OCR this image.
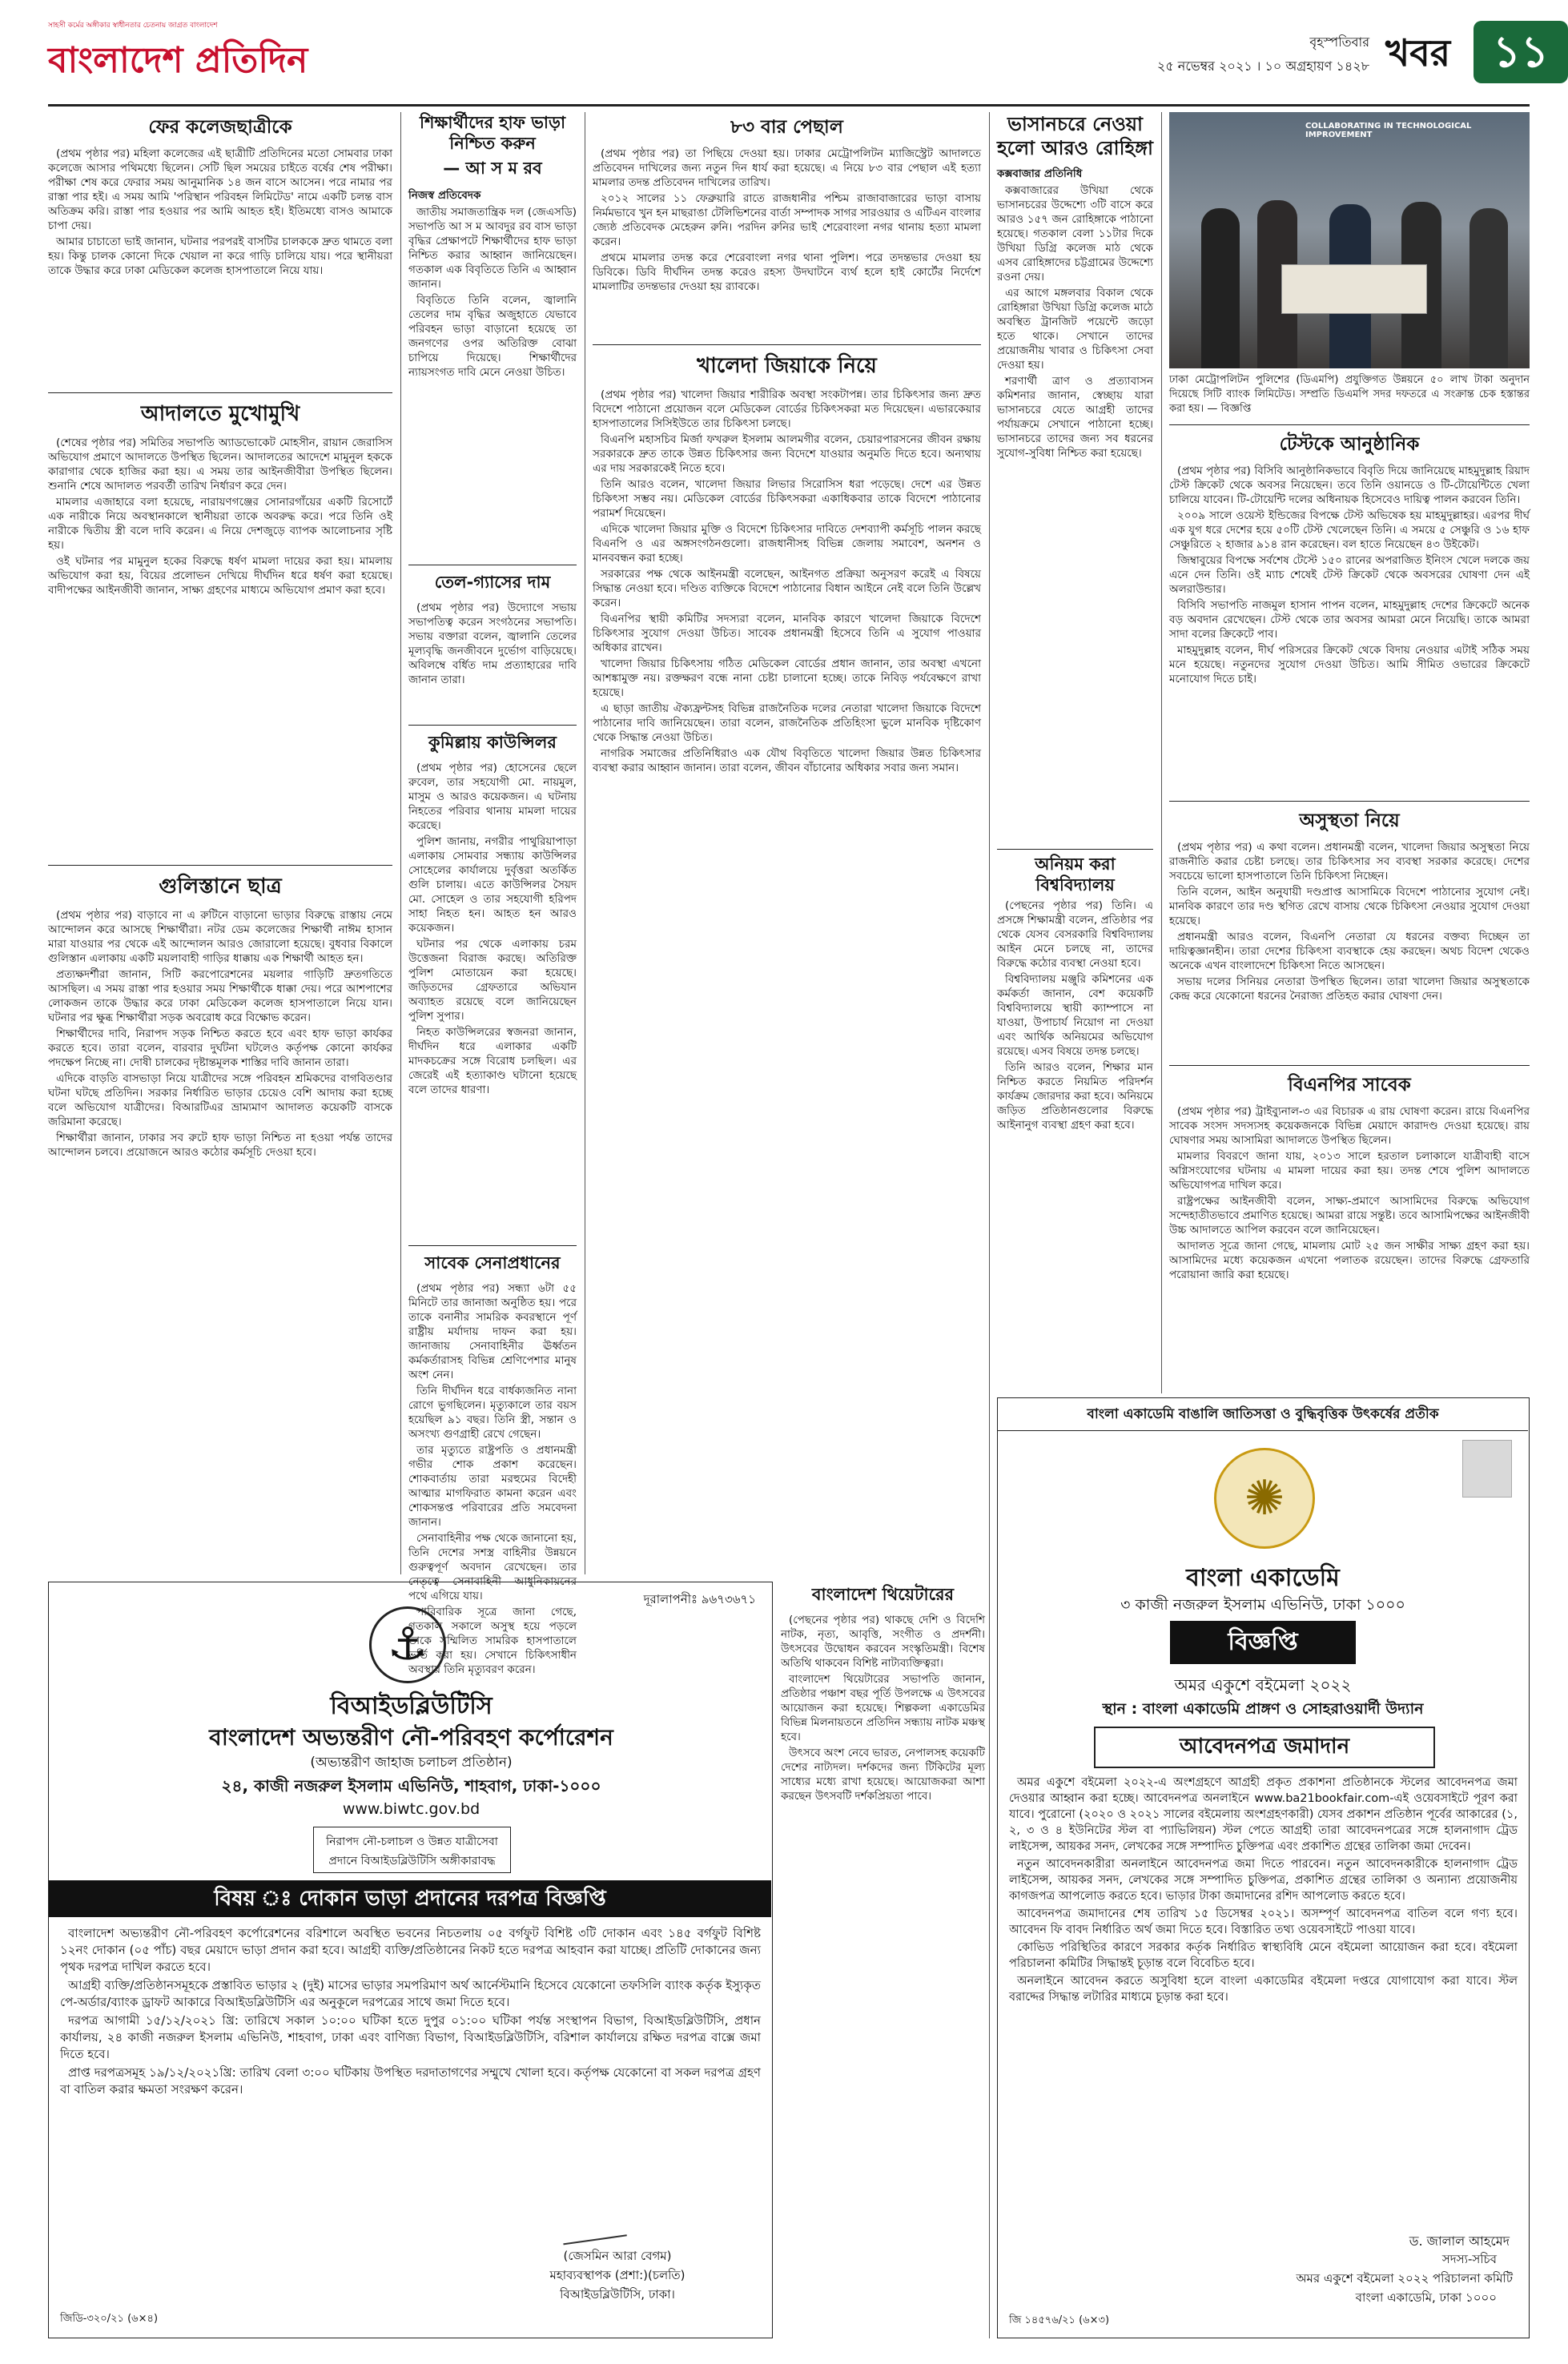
সাহসী কর্মের অঙ্গীকার স্বাধীনতার চেতনায় জাগ্রত বাংলাদেশ
বাংলাদেশ প্রতিদিন	বৃহস্পতিবার
২৫ নভেম্বর ২০২১ । ১০ অগ্রহায়ণ ১৪২৮ খবর ১১
ফের কলেজছাত্রীকে

(প্রথম পৃষ্ঠার পর) মহিলা কলেজের এই ছাত্রীটি প্রতিদিনের মতো সোমবার ঢাকা কলেজে আসার পথিমধ্যে ছিলেন। সেটি ছিল সময়ের চাইতে বর্ষের শেষ পরীক্ষা। পরীক্ষা শেষ করে ফেরার সময় আনুমানিক ১৪ জন বাসে আসেন। পরে নামার পর রাস্তা পার হই। এ সময় আমি 'পরিস্থান পরিবহন লিমিটেড' নামে একটি চলন্ত বাস অতিক্রম করি। রাস্তা পার হওয়ার পর আমি আহত হই। ইতিমধ্যে বাসও আমাকে চাপা দেয়।

আমার চাচাতো ভাই জানান, ঘটনার পরপরই বাসটির চালককে দ্রুত থামতে বলা হয়। কিন্তু চালক কোনো দিকে খেয়াল না করে গাড়ি চালিয়ে যায়। পরে স্থানীয়রা তাকে উদ্ধার করে ঢাকা মেডিকেল কলেজ হাসপাতালে নিয়ে যায়।

আদালতে মুখোমুখি

(শেষের পৃষ্ঠার পর) সমিতির সভাপতি অ্যাডভোকেট মোহসীন, রায়ান জেরাসিস অভিযোগ প্রমাণে আদালতে উপস্থিত ছিলেন। আদালতের আদেশে মামুনুল হককে কারাগার থেকে হাজির করা হয়। এ সময় তার আইনজীবীরা উপস্থিত ছিলেন। শুনানি শেষে আদালত পরবর্তী তারিখ নির্ধারণ করে দেন।

মামলার এজাহারে বলা হয়েছে, নারায়ণগঞ্জের সোনারগাঁয়ের একটি রিসোর্টে এক নারীকে নিয়ে অবস্থানকালে স্থানীয়রা তাকে অবরুদ্ধ করে। পরে তিনি ওই নারীকে দ্বিতীয় স্ত্রী বলে দাবি করেন। এ নিয়ে দেশজুড়ে ব্যাপক আলোচনার সৃষ্টি হয়।

ওই ঘটনার পর মামুনুল হকের বিরুদ্ধে ধর্ষণ মামলা দায়ের করা হয়। মামলায় অভিযোগ করা হয়, বিয়ের প্রলোভন দেখিয়ে দীর্ঘদিন ধরে ধর্ষণ করা হয়েছে। বাদীপক্ষের আইনজীবী জানান, সাক্ষ্য গ্রহণের মাধ্যমে অভিযোগ প্রমাণ করা হবে।

গুলিস্তানে ছাত্র

(প্রথম পৃষ্ঠার পর) বাড়াবে না এ রুটিনে বাড়ানো ভাড়ার বিরুদ্ধে রাস্তায় নেমে আন্দোলন করে আসছে শিক্ষার্থীরা। নটর ডেম কলেজের শিক্ষার্থী নাঈম হাসান মারা যাওয়ার পর থেকে এই আন্দোলন আরও জোরালো হয়েছে। বুধবার বিকালে গুলিস্তান এলাকায় একটি ময়লাবাহী গাড়ির ধাক্কায় এক শিক্ষার্থী আহত হন।

প্রত্যক্ষদর্শীরা জানান, সিটি করপোরেশনের ময়লার গাড়িটি দ্রুতগতিতে আসছিল। এ সময় রাস্তা পার হওয়ার সময় শিক্ষার্থীকে ধাক্কা দেয়। পরে আশপাশের লোকজন তাকে উদ্ধার করে ঢাকা মেডিকেল কলেজ হাসপাতালে নিয়ে যান। ঘটনার পর ক্ষুব্ধ শিক্ষার্থীরা সড়ক অবরোধ করে বিক্ষোভ করেন।

শিক্ষার্থীদের দাবি, নিরাপদ সড়ক নিশ্চিত করতে হবে এবং হাফ ভাড়া কার্যকর করতে হবে। তারা বলেন, বারবার দুর্ঘটনা ঘটলেও কর্তৃপক্ষ কোনো কার্যকর পদক্ষেপ নিচ্ছে না। দোষী চালকের দৃষ্টান্তমূলক শাস্তির দাবি জানান তারা।

এদিকে বাড়তি বাসভাড়া নিয়ে যাত্রীদের সঙ্গে পরিবহন শ্রমিকদের বাগবিতণ্ডার ঘটনা ঘটছে প্রতিদিন। সরকার নির্ধারিত ভাড়ার চেয়েও বেশি আদায় করা হচ্ছে বলে অভিযোগ যাত্রীদের। বিআরটিএর ভ্রাম্যমাণ আদালত কয়েকটি বাসকে জরিমানা করেছে।

শিক্ষার্থীরা জানান, ঢাকার সব রুটে হাফ ভাড়া নিশ্চিত না হওয়া পর্যন্ত তাদের আন্দোলন চলবে। প্রয়োজনে আরও কঠোর কর্মসূচি দেওয়া হবে।

শিক্ষার্থীদের হাফ ভাড়া নিশ্চিত করুন
— আ স ম রব
নিজস্ব প্রতিবেদক

জাতীয় সমাজতান্ত্রিক দল (জেএসডি) সভাপতি আ স ম আবদুর রব বাস ভাড়া বৃদ্ধির প্রেক্ষাপটে শিক্ষার্থীদের হাফ ভাড়া নিশ্চিত করার আহ্বান জানিয়েছেন। গতকাল এক বিবৃতিতে তিনি এ আহ্বান জানান।

বিবৃতিতে তিনি বলেন, জ্বালানি তেলের দাম বৃদ্ধির অজুহাতে যেভাবে পরিবহন ভাড়া বাড়ানো হয়েছে তা জনগণের ওপর অতিরিক্ত বোঝা চাপিয়ে দিয়েছে। শিক্ষার্থীদের ন্যায়সংগত দাবি মেনে নেওয়া উচিত।

তেল-গ্যাসের দাম

(প্রথম পৃষ্ঠার পর) উদ্যোগে সভায় সভাপতিত্ব করেন সংগঠনের সভাপতি। সভায় বক্তারা বলেন, জ্বালানি তেলের মূল্যবৃদ্ধি জনজীবনে দুর্ভোগ বাড়িয়েছে। অবিলম্বে বর্ধিত দাম প্রত্যাহারের দাবি জানান তারা।

কুমিল্লায় কাউন্সিলর

(প্রথম পৃষ্ঠার পর) হোসেনের ছেলে রুবেল, তার সহযোগী মো. নায়মুল, মাসুম ও আরও কয়েকজন। এ ঘটনায় নিহতের পরিবার থানায় মামলা দায়ের করেছে।

পুলিশ জানায়, নগরীর পাথুরিয়াপাড়া এলাকায় সোমবার সন্ধ্যায় কাউন্সিলর সোহেলের কার্যালয়ে দুর্বৃত্তরা অতর্কিত গুলি চালায়। এতে কাউন্সিলর সৈয়দ মো. সোহেল ও তার সহযোগী হরিপদ সাহা নিহত হন। আহত হন আরও কয়েকজন।

ঘটনার পর থেকে এলাকায় চরম উত্তেজনা বিরাজ করছে। অতিরিক্ত পুলিশ মোতায়েন করা হয়েছে। জড়িতদের গ্রেফতারে অভিযান অব্যাহত রয়েছে বলে জানিয়েছেন পুলিশ সুপার।

নিহত কাউন্সিলরের স্বজনরা জানান, দীর্ঘদিন ধরে এলাকার একটি মাদকচক্রের সঙ্গে বিরোধ চলছিল। এর জেরেই এই হত্যাকাণ্ড ঘটানো হয়েছে বলে তাদের ধারণা।

সাবেক সেনাপ্রধানের

(প্রথম পৃষ্ঠার পর) সন্ধ্যা ৬টা ৫৫ মিনিটে তার জানাজা অনুষ্ঠিত হয়। পরে তাকে বনানীর সামরিক কবরস্থানে পূর্ণ রাষ্ট্রীয় মর্যাদায় দাফন করা হয়। জানাজায় সেনাবাহিনীর ঊর্ধ্বতন কর্মকর্তারাসহ বিভিন্ন শ্রেণিপেশার মানুষ অংশ নেন।

তিনি দীর্ঘদিন ধরে বার্ধক্যজনিত নানা রোগে ভুগছিলেন। মৃত্যুকালে তার বয়স হয়েছিল ৯১ বছর। তিনি স্ত্রী, সন্তান ও অসংখ্য গুণগ্রাহী রেখে গেছেন।

তার মৃত্যুতে রাষ্ট্রপতি ও প্রধানমন্ত্রী গভীর শোক প্রকাশ করেছেন। শোকবার্তায় তারা মরহুমের বিদেহী আত্মার মাগফিরাত কামনা করেন এবং শোকসন্তপ্ত পরিবারের প্রতি সমবেদনা জানান।

সেনাবাহিনীর পক্ষ থেকে জানানো হয়, তিনি দেশের সশস্ত্র বাহিনীর উন্নয়নে গুরুত্বপূর্ণ অবদান রেখেছেন। তার নেতৃত্বে সেনাবাহিনী আধুনিকায়নের পথে এগিয়ে যায়।

পারিবারিক সূত্রে জানা গেছে, গতকাল সকালে অসুস্থ হয়ে পড়লে তাকে সম্মিলিত সামরিক হাসপাতালে ভর্তি করা হয়। সেখানে চিকিৎসাধীন অবস্থায় তিনি মৃত্যুবরণ করেন।

৮৩ বার পেছাল

(প্রথম পৃষ্ঠার পর) তা পিছিয়ে দেওয়া হয়। ঢাকার মেট্রোপলিটন ম্যাজিস্ট্রেট আদালতে প্রতিবেদন দাখিলের জন্য নতুন দিন ধার্য করা হয়েছে। এ নিয়ে ৮৩ বার পেছাল এই হত্যা মামলার তদন্ত প্রতিবেদন দাখিলের তারিখ।

২০১২ সালের ১১ ফেব্রুয়ারি রাতে রাজধানীর পশ্চিম রাজাবাজারের ভাড়া বাসায় নির্মমভাবে খুন হন মাছরাঙা টেলিভিশনের বার্তা সম্পাদক সাগর সারওয়ার ও এটিএন বাংলার জ্যেষ্ঠ প্রতিবেদক মেহেরুন রুনি। পরদিন রুনির ভাই শেরেবাংলা নগর থানায় হত্যা মামলা করেন।

প্রথমে মামলার তদন্ত করে শেরেবাংলা নগর থানা পুলিশ। পরে তদন্তভার দেওয়া হয় ডিবিকে। ডিবি দীর্ঘদিন তদন্ত করেও রহস্য উদঘাটনে ব্যর্থ হলে হাই কোর্টের নির্দেশে মামলাটির তদন্তভার দেওয়া হয় র‌্যাবকে।

খালেদা জিয়াকে নিয়ে

(প্রথম পৃষ্ঠার পর) খালেদা জিয়ার শারীরিক অবস্থা সংকটাপন্ন। তার চিকিৎসার জন্য দ্রুত বিদেশে পাঠানো প্রয়োজন বলে মেডিকেল বোর্ডের চিকিৎসকরা মত দিয়েছেন। এভারকেয়ার হাসপাতালের সিসিইউতে তার চিকিৎসা চলছে।

বিএনপি মহাসচিব মির্জা ফখরুল ইসলাম আলমগীর বলেন, চেয়ারপারসনের জীবন রক্ষায় সরকারকে দ্রুত তাকে উন্নত চিকিৎসার জন্য বিদেশে যাওয়ার অনুমতি দিতে হবে। অন্যথায় এর দায় সরকারকেই নিতে হবে।

তিনি আরও বলেন, খালেদা জিয়ার লিভার সিরোসিস ধরা পড়েছে। দেশে এর উন্নত চিকিৎসা সম্ভব নয়। মেডিকেল বোর্ডের চিকিৎসকরা একাধিকবার তাকে বিদেশে পাঠানোর পরামর্শ দিয়েছেন।

এদিকে খালেদা জিয়ার মুক্তি ও বিদেশে চিকিৎসার দাবিতে দেশব্যাপী কর্মসূচি পালন করছে বিএনপি ও এর অঙ্গসংগঠনগুলো। রাজধানীসহ বিভিন্ন জেলায় সমাবেশ, অনশন ও মানববন্ধন করা হচ্ছে।

সরকারের পক্ষ থেকে আইনমন্ত্রী বলেছেন, আইনগত প্রক্রিয়া অনুসরণ করেই এ বিষয়ে সিদ্ধান্ত নেওয়া হবে। দণ্ডিত ব্যক্তিকে বিদেশে পাঠানোর বিধান আইনে নেই বলে তিনি উল্লেখ করেন।

বিএনপির স্থায়ী কমিটির সদস্যরা বলেন, মানবিক কারণে খালেদা জিয়াকে বিদেশে চিকিৎসার সুযোগ দেওয়া উচিত। সাবেক প্রধানমন্ত্রী হিসেবে তিনি এ সুযোগ পাওয়ার অধিকার রাখেন।

খালেদা জিয়ার চিকিৎসায় গঠিত মেডিকেল বোর্ডের প্রধান জানান, তার অবস্থা এখনো আশঙ্কামুক্ত নয়। রক্তক্ষরণ বন্ধে নানা চেষ্টা চালানো হচ্ছে। তাকে নিবিড় পর্যবেক্ষণে রাখা হয়েছে।

এ ছাড়া জাতীয় ঐক্যফ্রন্টসহ বিভিন্ন রাজনৈতিক দলের নেতারা খালেদা জিয়াকে বিদেশে পাঠানোর দাবি জানিয়েছেন। তারা বলেন, রাজনৈতিক প্রতিহিংসা ভুলে মানবিক দৃষ্টিকোণ থেকে সিদ্ধান্ত নেওয়া উচিত।

নাগরিক সমাজের প্রতিনিধিরাও এক যৌথ বিবৃতিতে খালেদা জিয়ার উন্নত চিকিৎসার ব্যবস্থা করার আহ্বান জানান। তারা বলেন, জীবন বাঁচানোর অধিকার সবার জন্য সমান।

ভাসানচরে নেওয়া হলো আরও রোহিঙ্গা
কক্সবাজার প্রতিনিধি

কক্সবাজারের উখিয়া থেকে ভাসানচরের উদ্দেশ্যে ৩টি বাসে করে আরও ১৫৭ জন রোহিঙ্গাকে পাঠানো হয়েছে। গতকাল বেলা ১১টার দিকে উখিয়া ডিগ্রি কলেজ মাঠ থেকে এসব রোহিঙ্গাদের চট্টগ্রামের উদ্দেশ্যে রওনা দেয়।

এর আগে মঙ্গলবার বিকাল থেকে রোহিঙ্গারা উখিয়া ডিগ্রি কলেজ মাঠে অবস্থিত ট্রানজিট পয়েন্টে জড়ো হতে থাকে। সেখানে তাদের প্রয়োজনীয় খাবার ও চিকিৎসা সেবা দেওয়া হয়।

শরণার্থী ত্রাণ ও প্রত্যাবাসন কমিশনার জানান, স্বেচ্ছায় যারা ভাসানচরে যেতে আগ্রহী তাদের পর্যায়ক্রমে সেখানে পাঠানো হচ্ছে। ভাসানচরে তাদের জন্য সব ধরনের সুযোগ-সুবিধা নিশ্চিত করা হয়েছে।

অনিয়ম করা বিশ্ববিদ্যালয়

(পেছনের পৃষ্ঠার পর) তিনি। এ প্রসঙ্গে শিক্ষামন্ত্রী বলেন, প্রতিষ্ঠার পর থেকে যেসব বেসরকারি বিশ্ববিদ্যালয় আইন মেনে চলছে না, তাদের বিরুদ্ধে কঠোর ব্যবস্থা নেওয়া হবে।

বিশ্ববিদ্যালয় মঞ্জুরি কমিশনের এক কর্মকর্তা জানান, বেশ কয়েকটি বিশ্ববিদ্যালয়ে স্থায়ী ক্যাম্পাসে না যাওয়া, উপাচার্য নিয়োগ না দেওয়া এবং আর্থিক অনিয়মের অভিযোগ রয়েছে। এসব বিষয়ে তদন্ত চলছে।

তিনি আরও বলেন, শিক্ষার মান নিশ্চিত করতে নিয়মিত পরিদর্শন কার্যক্রম জোরদার করা হবে। অনিয়মে জড়িত প্রতিষ্ঠানগুলোর বিরুদ্ধে আইনানুগ ব্যবস্থা গ্রহণ করা হবে।

COLLABORATING IN TECHNOLOGICAL IMPROVEMENT
ঢাকা মেট্রোপলিটন পুলিশের (ডিএমপি) প্রযুক্তিগত উন্নয়নে ৫০ লাখ টাকা অনুদান দিয়েছে সিটি ব্যাংক লিমিটেড। সম্প্রতি ডিএমপি সদর দফতরে এ সংক্রান্ত চেক হস্তান্তর করা হয়। — বিজ্ঞপ্তি
টেস্টকে আনুষ্ঠানিক

(প্রথম পৃষ্ঠার পর) বিসিবি আনুষ্ঠানিকভাবে বিবৃতি দিয়ে জানিয়েছে মাহমুদুল্লাহ রিয়াদ টেস্ট ক্রিকেট থেকে অবসর নিয়েছেন। তবে তিনি ওয়ানডে ও টি-টোয়েন্টিতে খেলা চালিয়ে যাবেন। টি-টোয়েন্টি দলের অধিনায়ক হিসেবেও দায়িত্ব পালন করবেন তিনি।

২০০৯ সালে ওয়েস্ট ইন্ডিজের বিপক্ষে টেস্ট অভিষেক হয় মাহমুদুল্লাহর। এরপর দীর্ঘ এক যুগ ধরে দেশের হয়ে ৫০টি টেস্ট খেলেছেন তিনি। এ সময়ে ৫ সেঞ্চুরি ও ১৬ হাফ সেঞ্চুরিতে ২ হাজার ৯১৪ রান করেছেন। বল হাতে নিয়েছেন ৪৩ উইকেট।

জিম্বাবুয়ের বিপক্ষে সর্বশেষ টেস্টে ১৫০ রানের অপরাজিত ইনিংস খেলে দলকে জয় এনে দেন তিনি। ওই ম্যাচ শেষেই টেস্ট ক্রিকেট থেকে অবসরের ঘোষণা দেন এই অলরাউন্ডার।

বিসিবি সভাপতি নাজমুল হাসান পাপন বলেন, মাহমুদুল্লাহ দেশের ক্রিকেটে অনেক বড় অবদান রেখেছেন। টেস্ট থেকে তার অবসর আমরা মেনে নিয়েছি। তাকে আমরা সাদা বলের ক্রিকেটে পাব।

মাহমুদুল্লাহ বলেন, দীর্ঘ পরিসরের ক্রিকেট থেকে বিদায় নেওয়ার এটাই সঠিক সময় মনে হয়েছে। নতুনদের সুযোগ দেওয়া উচিত। আমি সীমিত ওভারের ক্রিকেটে মনোযোগ দিতে চাই।

অসুস্থতা নিয়ে

(প্রথম পৃষ্ঠার পর) এ কথা বলেন। প্রধানমন্ত্রী বলেন, খালেদা জিয়ার অসুস্থতা নিয়ে রাজনীতি করার চেষ্টা চলছে। তার চিকিৎসার সব ব্যবস্থা সরকার করেছে। দেশের সবচেয়ে ভালো হাসপাতালে তিনি চিকিৎসা নিচ্ছেন।

তিনি বলেন, আইন অনুযায়ী দণ্ডপ্রাপ্ত আসামিকে বিদেশে পাঠানোর সুযোগ নেই। মানবিক কারণে তার দণ্ড স্থগিত রেখে বাসায় থেকে চিকিৎসা নেওয়ার সুযোগ দেওয়া হয়েছে।

প্রধানমন্ত্রী আরও বলেন, বিএনপি নেতারা যে ধরনের বক্তব্য দিচ্ছেন তা দায়িত্বজ্ঞানহীন। তারা দেশের চিকিৎসা ব্যবস্থাকে হেয় করছেন। অথচ বিদেশ থেকেও অনেকে এখন বাংলাদেশে চিকিৎসা নিতে আসছেন।

সভায় দলের সিনিয়র নেতারা উপস্থিত ছিলেন। তারা খালেদা জিয়ার অসুস্থতাকে কেন্দ্র করে যেকোনো ধরনের নৈরাজ্য প্রতিহত করার ঘোষণা দেন।

বিএনপির সাবেক

(প্রথম পৃষ্ঠার পর) ট্রাইব্যুনাল-৩ এর বিচারক এ রায় ঘোষণা করেন। রায়ে বিএনপির সাবেক সংসদ সদস্যসহ কয়েকজনকে বিভিন্ন মেয়াদে কারাদণ্ড দেওয়া হয়েছে। রায় ঘোষণার সময় আসামিরা আদালতে উপস্থিত ছিলেন।

মামলার বিবরণে জানা যায়, ২০১৩ সালে হরতাল চলাকালে যাত্রীবাহী বাসে অগ্নিসংযোগের ঘটনায় এ মামলা দায়ের করা হয়। তদন্ত শেষে পুলিশ আদালতে অভিযোগপত্র দাখিল করে।

রাষ্ট্রপক্ষের আইনজীবী বলেন, সাক্ষ্য-প্রমাণে আসামিদের বিরুদ্ধে অভিযোগ সন্দেহাতীতভাবে প্রমাণিত হয়েছে। আমরা রায়ে সন্তুষ্ট। তবে আসামিপক্ষের আইনজীবী উচ্চ আদালতে আপিল করবেন বলে জানিয়েছেন।

আদালত সূত্রে জানা গেছে, মামলায় মোট ২৫ জন সাক্ষীর সাক্ষ্য গ্রহণ করা হয়। আসামিদের মধ্যে কয়েকজন এখনো পলাতক রয়েছেন। তাদের বিরুদ্ধে গ্রেফতারি পরোয়ানা জারি করা হয়েছে।

দূরালাপনীঃ ৯৬৭৩৬৭১
⚓
বিআইডব্লিউটিসি
বাংলাদেশ অভ্যন্তরীণ নৌ-পরিবহণ কর্পোরেশন
(অভ্যন্তরীণ জাহাজ চলাচল প্রতিষ্ঠান)
২৪, কাজী নজরুল ইসলাম এভিনিউ, শাহবাগ, ঢাকা-১০০০
www.biwtc.gov.bd
নিরাপদ নৌ-চলাচল ও উন্নত যাত্রীসেবা
প্রদানে বিআইডব্লিউটিসি অঙ্গীকারাবদ্ধ
বিষয় ঃ দোকান ভাড়া প্রদানের দরপত্র বিজ্ঞপ্তি

বাংলাদেশ অভ্যন্তরীণ নৌ-পরিবহণ কর্পোরেশনের বরিশালে অবস্থিত ভবনের নিচতলায় ০৫ বর্গফুট বিশিষ্ট ৩টি দোকান এবং ১৪৫ বর্গফুট বিশিষ্ট ১২নং দোকান (০৫ পাঁচ) বছর মেয়াদে ভাড়া প্রদান করা হবে। আগ্রহী ব্যক্তি/প্রতিষ্ঠানের নিকট হতে দরপত্র আহবান করা যাচ্ছে। প্রতিটি দোকানের জন্য পৃথক দরপত্র দাখিল করতে হবে।

আগ্রহী ব্যক্তি/প্রতিষ্ঠানসমূহকে প্রস্তাবিত ভাড়ার ২ (দুই) মাসের ভাড়ার সমপরিমাণ অর্থ আর্নেস্টমানি হিসেবে যেকোনো তফসিলি ব্যাংক কর্তৃক ইস্যুকৃত পে-অর্ডার/ব্যাংক ড্রাফট আকারে বিআইডব্লিউটিসি এর অনুকূলে দরপত্রের সাথে জমা দিতে হবে।

দরপত্র আগামী ১৫/১২/২০২১ খ্রি: তারিখে সকাল ১০:০০ ঘটিকা হতে দুপুর ০১:০০ ঘটিকা পর্যন্ত সংস্থাপন বিভাগ, বিআইডব্লিউটিসি, প্রধান কার্যালয়, ২৪ কাজী নজরুল ইসলাম এভিনিউ, শাহবাগ, ঢাকা এবং বাণিজ্য বিভাগ, বিআইডব্লিউটিসি, বরিশাল কার্যালয়ে রক্ষিত দরপত্র বাক্সে জমা দিতে হবে।

প্রাপ্ত দরপত্রসমূহ ১৯/১২/২০২১খ্রি: তারিখ বেলা ৩:০০ ঘটিকায় উপস্থিত দরদাতাগণের সম্মুখে খোলা হবে। কর্তৃপক্ষ যেকোনো বা সকল দরপত্র গ্রহণ বা বাতিল করার ক্ষমতা সংরক্ষণ করেন।

(জেসমিন আরা বেগম)
মহাব্যবস্থাপক (প্রশা:)(চলতি)
বিআইডব্লিউটিসি, ঢাকা।
জিডি-৩২০/২১ (৬×৪)
বাংলাদেশ থিয়েটারের

(পেছনের পৃষ্ঠার পর) থাকছে দেশি ও বিদেশি নাটক, নৃত্য, আবৃত্তি, সংগীত ও প্রদর্শনী। উৎসবের উদ্বোধন করবেন সংস্কৃতিমন্ত্রী। বিশেষ অতিথি থাকবেন বিশিষ্ট নাট্যব্যক্তিত্বরা।

বাংলাদেশ থিয়েটারের সভাপতি জানান, প্রতিষ্ঠার পঞ্চাশ বছর পূর্তি উপলক্ষে এ উৎসবের আয়োজন করা হয়েছে। শিল্পকলা একাডেমির বিভিন্ন মিলনায়তনে প্রতিদিন সন্ধ্যায় নাটক মঞ্চস্থ হবে।

উৎসবে অংশ নেবে ভারত, নেপালসহ কয়েকটি দেশের নাট্যদল। দর্শকদের জন্য টিকিটের মূল্য সাধ্যের মধ্যে রাখা হয়েছে। আয়োজকরা আশা করছেন উৎসবটি দর্শকপ্রিয়তা পাবে।

বাংলা একাডেমি বাঙালি জাতিসত্তা ও বুদ্ধিবৃত্তিক উৎকর্ষের প্রতীক
✺
বাংলা একাডেমি
৩ কাজী নজরুল ইসলাম এভিনিউ, ঢাকা ১০০০
বিজ্ঞপ্তি
অমর একুশে বইমেলা ২০২২
স্থান : বাংলা একাডেমি প্রাঙ্গণ ও সোহরাওয়ার্দী উদ্যান
আবেদনপত্র জমাদান

অমর একুশে বইমেলা ২০২২-এ অংশগ্রহণে আগ্রহী প্রকৃত প্রকাশনা প্রতিষ্ঠানকে স্টলের আবেদনপত্র জমা দেওয়ার আহ্বান করা হচ্ছে। আবেদনপত্র অনলাইনে www.ba21bookfair.com-এই ওয়েবসাইটে পূরণ করা যাবে। পুরোনো (২০২০ ও ২০২১ সালের বইমেলায় অংশগ্রহণকারী) যেসব প্রকাশন প্রতিষ্ঠান পূর্বের আকারের (১, ২, ৩ ও ৪ ইউনিটের স্টল বা প্যাভিলিয়ন) স্টল পেতে আগ্রহী তারা আবেদনপত্রের সঙ্গে হালনাগাদ ট্রেড লাইসেন্স, আয়কর সনদ, লেখকের সঙ্গে সম্পাদিত চুক্তিপত্র এবং প্রকাশিত গ্রন্থের তালিকা জমা দেবেন।

নতুন আবেদনকারীরা অনলাইনে আবেদনপত্র জমা দিতে পারবেন। নতুন আবেদনকারীকে হালনাগাদ ট্রেড লাইসেন্স, আয়কর সনদ, লেখকের সঙ্গে সম্পাদিত চুক্তিপত্র, প্রকাশিত গ্রন্থের তালিকা ও অন্যান্য প্রয়োজনীয় কাগজপত্র আপলোড করতে হবে। ভাড়ার টাকা জমাদানের রশিদ আপলোড করতে হবে।

আবেদনপত্র জমাদানের শেষ তারিখ ১৫ ডিসেম্বর ২০২১। অসম্পূর্ণ আবেদনপত্র বাতিল বলে গণ্য হবে। আবেদন ফি বাবদ নির্ধারিত অর্থ জমা দিতে হবে। বিস্তারিত তথ্য ওয়েবসাইটে পাওয়া যাবে।

কোভিড পরিস্থিতির কারণে সরকার কর্তৃক নির্ধারিত স্বাস্থ্যবিধি মেনে বইমেলা আয়োজন করা হবে। বইমেলা পরিচালনা কমিটির সিদ্ধান্তই চূড়ান্ত বলে বিবেচিত হবে।

অনলাইনে আবেদন করতে অসুবিধা হলে বাংলা একাডেমির বইমেলা দপ্তরে যোগাযোগ করা যাবে। স্টল বরাদ্দের সিদ্ধান্ত লটারির মাধ্যমে চূড়ান্ত করা হবে।

ড. জালাল আহমেদ
সদস্য-সচিব
অমর একুশে বইমেলা ২০২২ পরিচালনা কমিটি
বাংলা একাডেমি, ঢাকা ১০০০
জি ১৪৫৭৬/২১ (৬×৩)
